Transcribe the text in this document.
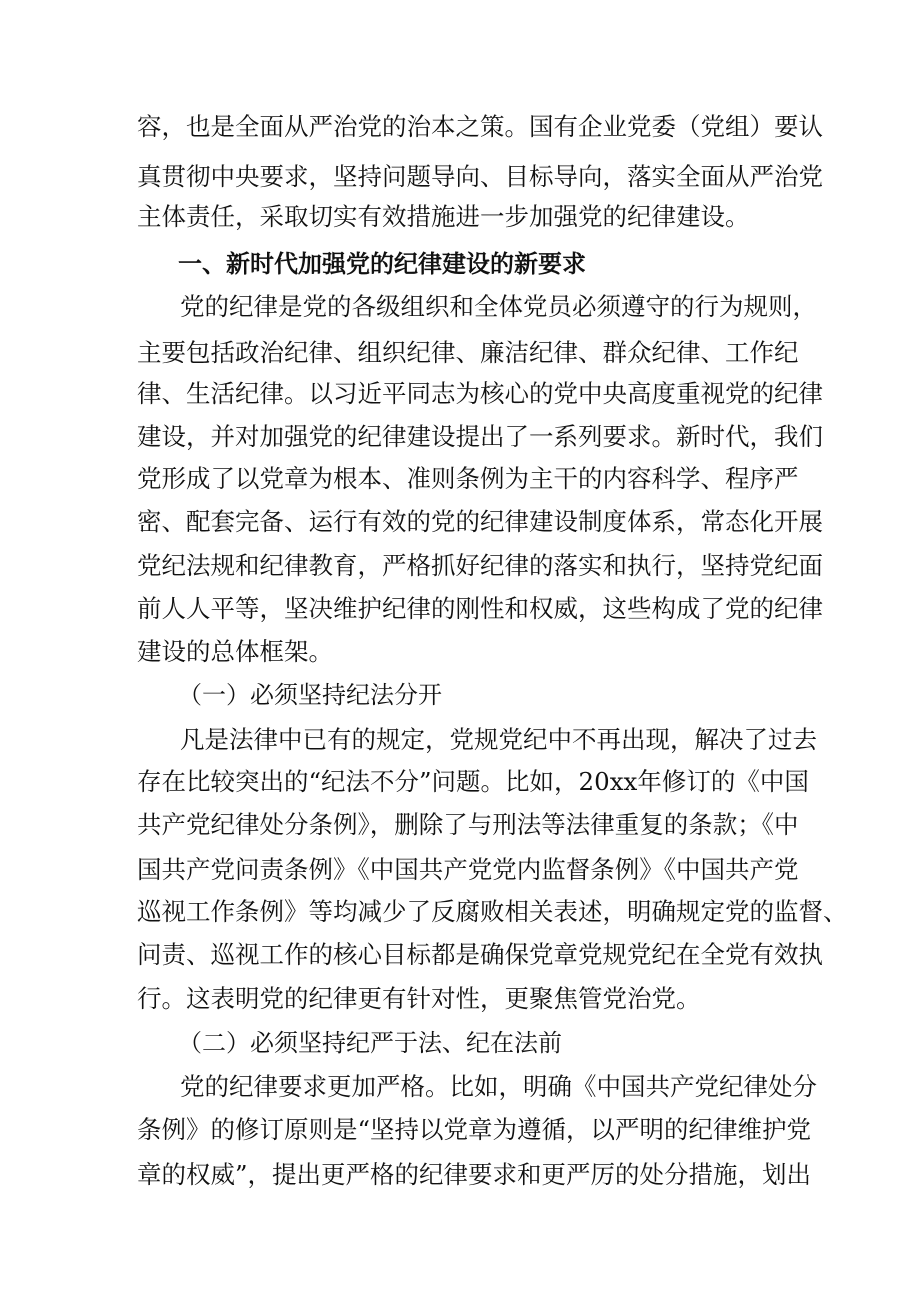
容，也是全面从严治党的治本之策。国有企业党委（党组）要认
真贯彻中央要求，坚持问题导向、目标导向，落实全面从严治党
主体责任，采取切实有效措施进一步加强党的纪律建设。
一、新时代加强党的纪律建设的新要求
党的纪律是党的各级组织和全体党员必须遵守的行为规则，
主要包括政治纪律、组织纪律、廉洁纪律、群众纪律、工作纪
律、生活纪律。以习近平同志为核心的党中央高度重视党的纪律
建设，并对加强党的纪律建设提出了一系列要求。新时代，我们
党形成了以党章为根本、准则条例为主干的内容科学、程序严
密、配套完备、运行有效的党的纪律建设制度体系，常态化开展
党纪法规和纪律教育，严格抓好纪律的落实和执行，坚持党纪面
前人人平等，坚决维护纪律的刚性和权威，这些构成了党的纪律
建设的总体框架。
（一）必须坚持纪法分开
凡是法律中已有的规定，党规党纪中不再出现，解决了过去
存在比较突出的“纪法不分”问题。比如，20xx年修订的《中国
共产党纪律处分条例》，删除了与刑法等法律重复的条款；《中
国共产党问责条例》《中国共产党党内监督条例》《中国共产党
巡视工作条例》等均减少了反腐败相关表述，明确规定党的监督、
问责、巡视工作的核心目标都是确保党章党规党纪在全党有效执
行。这表明党的纪律更有针对性，更聚焦管党治党。
（二）必须坚持纪严于法、纪在法前
党的纪律要求更加严格。比如，明确《中国共产党纪律处分
条例》的修订原则是“坚持以党章为遵循，以严明的纪律维护党
章的权威”，提出更严格的纪律要求和更严厉的处分措施，划出
